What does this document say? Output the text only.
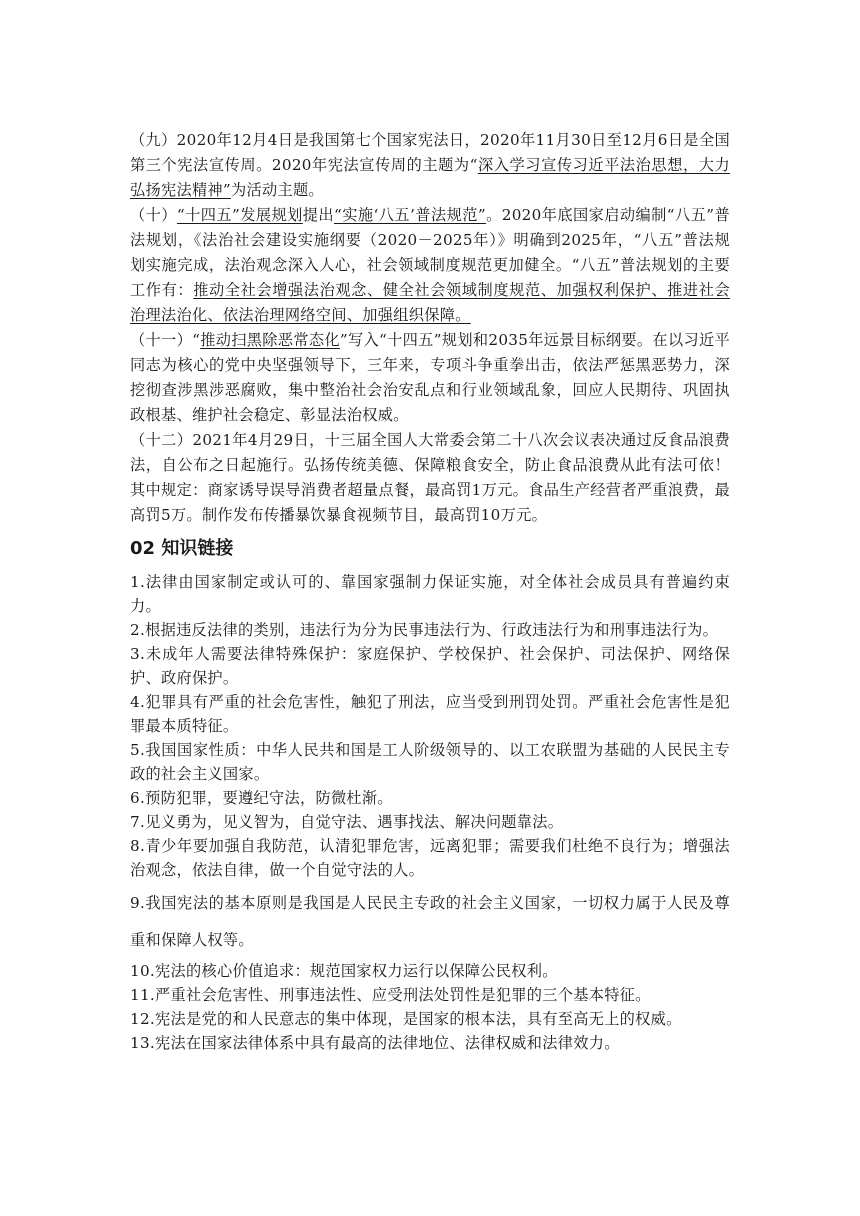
（九）2020年12月4日是我国第七个国家宪法日，2020年11月30日至12月6日是全国第三个宪法宣传周。2020年宪法宣传周的主题为“深入学习宣传习近平法治思想，大力弘扬宪法精神”为活动主题。

（十）“十四五”发展规划提出“实施‘八五’普法规范”。2020年底国家启动编制“八五”普法规划，《法治社会建设实施纲要（2020－2025年）》明确到2025年，“八五”普法规划实施完成，法治观念深入人心，社会领域制度规范更加健全。“八五”普法规划的主要工作有：推动全社会增强法治观念、健全社会领域制度规范、加强权利保护、推进社会治理法治化、依法治理网络空间、加强组织保障。

（十一）“推动扫黑除恶常态化”写入“十四五”规划和2035年远景目标纲要。在以习近平同志为核心的党中央坚强领导下，三年来，专项斗争重拳出击，依法严惩黑恶势力，深挖彻查涉黑涉恶腐败，集中整治社会治安乱点和行业领域乱象，回应人民期待、巩固执政根基、维护社会稳定、彰显法治权威。

（十二）2021年4月29日，十三届全国人大常委会第二十八次会议表决通过反食品浪费法，自公布之日起施行。弘扬传统美德、保障粮食安全，防止食品浪费从此有法可依！其中规定：商家诱导误导消费者超量点餐，最高罚1万元。食品生产经营者严重浪费，最高罚5万。制作发布传播暴饮暴食视频节目，最高罚10万元。

02 知识链接

1.法律由国家制定或认可的、靠国家强制力保证实施，对全体社会成员具有普遍约束力。

2.根据违反法律的类别，违法行为分为民事违法行为、行政违法行为和刑事违法行为。

3.未成年人需要法律特殊保护：家庭保护、学校保护、社会保护、司法保护、网络保护、政府保护。

4.犯罪具有严重的社会危害性，触犯了刑法，应当受到刑罚处罚。严重社会危害性是犯罪最本质特征。

5.我国国家性质：中华人民共和国是工人阶级领导的、以工农联盟为基础的人民民主专政的社会主义国家。

6.预防犯罪，要遵纪守法，防微杜渐。

7.见义勇为，见义智为，自觉守法、遇事找法、解决问题靠法。

8.青少年要加强自我防范，认清犯罪危害，远离犯罪；需要我们杜绝不良行为；增强法治观念，依法自律，做一个自觉守法的人。

9.我国宪法的基本原则是我国是人民民主专政的社会主义国家，一切权力属于人民及尊重和保障人权等。

10.宪法的核心价值追求：规范国家权力运行以保障公民权利。

11.严重社会危害性、刑事违法性、应受刑法处罚性是犯罪的三个基本特征。

12.宪法是党的和人民意志的集中体现，是国家的根本法，具有至高无上的权威。

13.宪法在国家法律体系中具有最高的法律地位、法律权威和法律效力。
